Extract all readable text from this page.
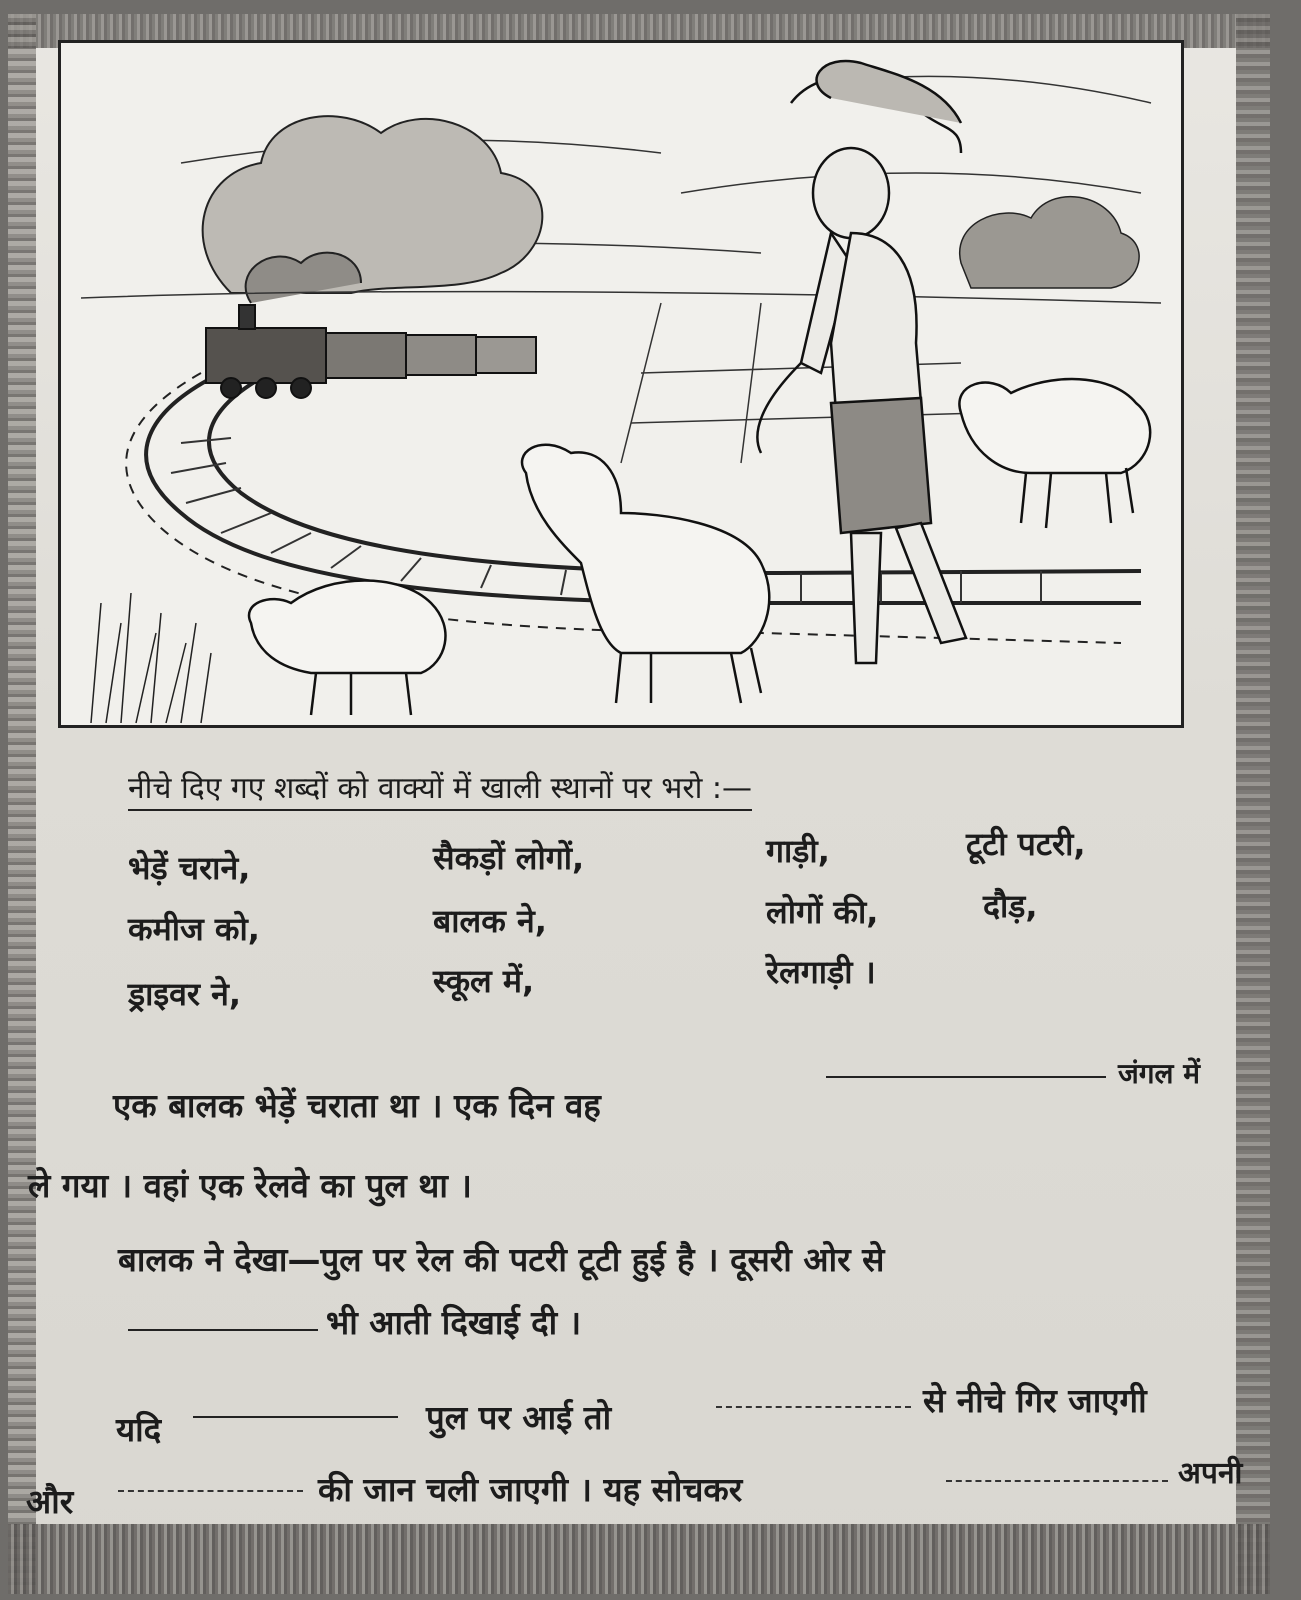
नीचे दिए गए शब्दों को वाक्यों में खाली स्थानों पर भरो :—
भेड़ें चराने,	सैकड़ों लोगों,	गाड़ी,	टूटी पटरी,
कमीज को,	बालक ने,	लोगों की,	दौड़,
ड्राइवर ने,	स्कूल में,	रेलगाड़ी ।
एक बालक भेड़ें चराता था । एक दिन वह
जंगल में
ले गया । वहां एक रेलवे का पुल था ।
बालक ने देखा—पुल पर रेल की पटरी टूटी हुई है । दूसरी ओर से
भी आती दिखाई दी ।
यदि	पुल पर आई तो	से नीचे गिर जाएगी
और	की जान चली जाएगी । यह सोचकर	अपनी
